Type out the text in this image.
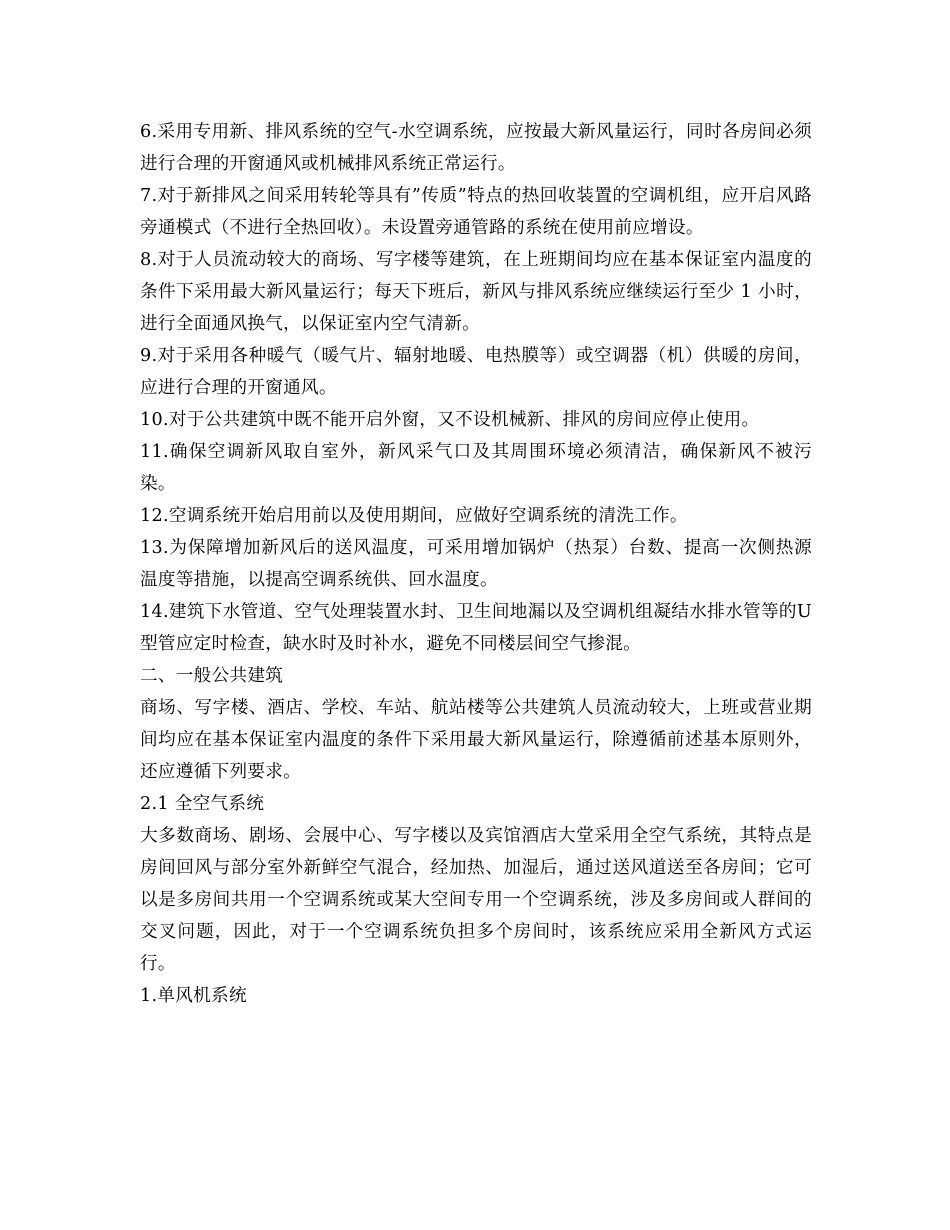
6.采用专用新、排风系统的空气-水空调系统，应按最大新风量运行，同时各房间必须进行合理的开窗通风或机械排风系统正常运行。

7.对于新排风之间采用转轮等具有”传质”特点的热回收装置的空调机组，应开启风路旁通模式（不进行全热回收）。未设置旁通管路的系统在使用前应增设。

8.对于人员流动较大的商场、写字楼等建筑，在上班期间均应在基本保证室内温度的条件下采用最大新风量运行；每天下班后，新风与排风系统应继续运行至少 1 小时，进行全面通风换气，以保证室内空气清新。

9.对于采用各种暖气（暖气片、辐射地暖、电热膜等）或空调器（机）供暖的房间，应进行合理的开窗通风。

10.对于公共建筑中既不能开启外窗，又不设机械新、排风的房间应停止使用。

11.确保空调新风取自室外，新风采气口及其周围环境必须清洁，确保新风不被污染。

12.空调系统开始启用前以及使用期间，应做好空调系统的清洗工作。

13.为保障增加新风后的送风温度，可采用增加锅炉（热泵）台数、提高一次侧热源温度等措施，以提高空调系统供、回水温度。

14.建筑下水管道、空气处理装置水封、卫生间地漏以及空调机组凝结水排水管等的U型管应定时检查，缺水时及时补水，避免不同楼层间空气掺混。

二、一般公共建筑

商场、写字楼、酒店、学校、车站、航站楼等公共建筑人员流动较大，上班或营业期间均应在基本保证室内温度的条件下采用最大新风量运行，除遵循前述基本原则外，还应遵循下列要求。

2.1 全空气系统

大多数商场、剧场、会展中心、写字楼以及宾馆酒店大堂采用全空气系统，其特点是房间回风与部分室外新鲜空气混合，经加热、加湿后，通过送风道送至各房间；它可以是多房间共用一个空调系统或某大空间专用一个空调系统，涉及多房间或人群间的交叉问题，因此，对于一个空调系统负担多个房间时，该系统应采用全新风方式运行。

1.单风机系统
